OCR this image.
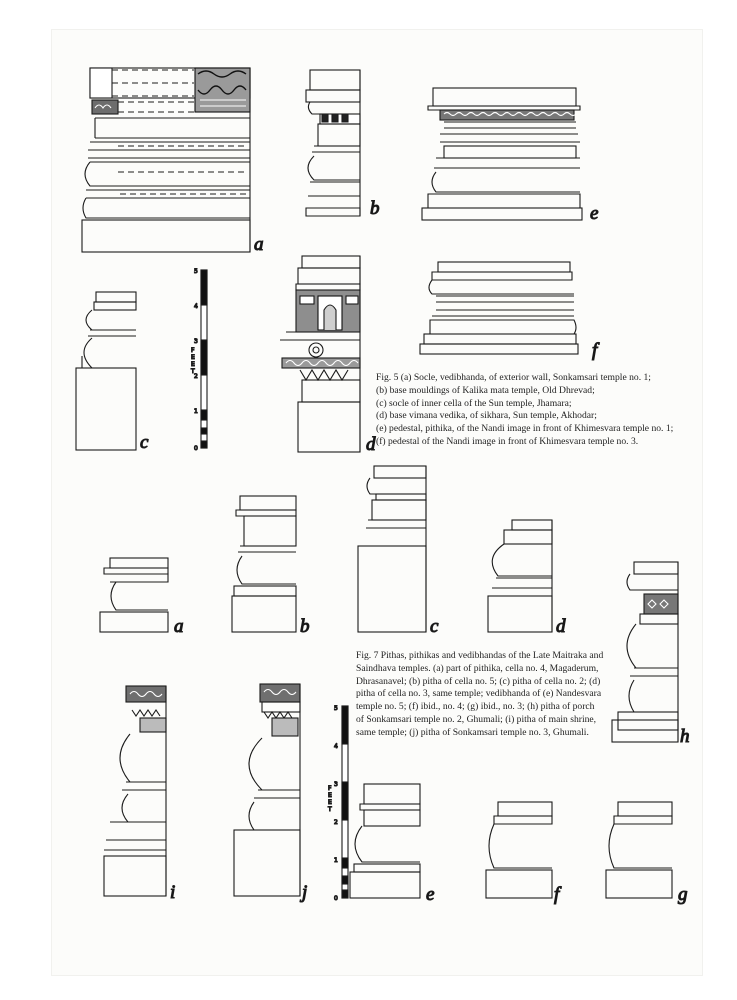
a
b	e
c
5
4
3
2
1
0
F
E
E
T
d
f
a	b	c	d
h
i	j
5
4
3
2
1
0
F
E
E
T
e	f	g
Fig. 5 (a) Socle, vedibhanda, of exterior wall, Sonkamsari temple no. 1;
(b) base mouldings of Kalika mata temple, Old Dhrevad;
(c) socle of inner cella of the Sun temple, Jhamara;
(d) base vimana vedika, of sikhara, Sun temple, Akhodar;
(e) pedestal, pithika, of the Nandi image in front of Khimesvara temple no. 1;
(f) pedestal of the Nandi image in front of Khimesvara temple no. 3.
Fig. 7 Pithas, pithikas and vedibhandas of the Late Maitraka and
Saindhava temples. (a) part of pithika, cella no. 4, Magaderum,
Dhrasanavel; (b) pitha of cella no. 5; (c) pitha of cella no. 2; (d)
pitha of cella no. 3, same temple; vedibhanda of (e) Nandesvara
temple no. 5; (f) ibid., no. 4; (g) ibid., no. 3; (h) pitha of porch
of Sonkamsari temple no. 2, Ghumali; (i) pitha of main shrine,
same temple; (j) pitha of Sonkamsari temple no. 3, Ghumali.
